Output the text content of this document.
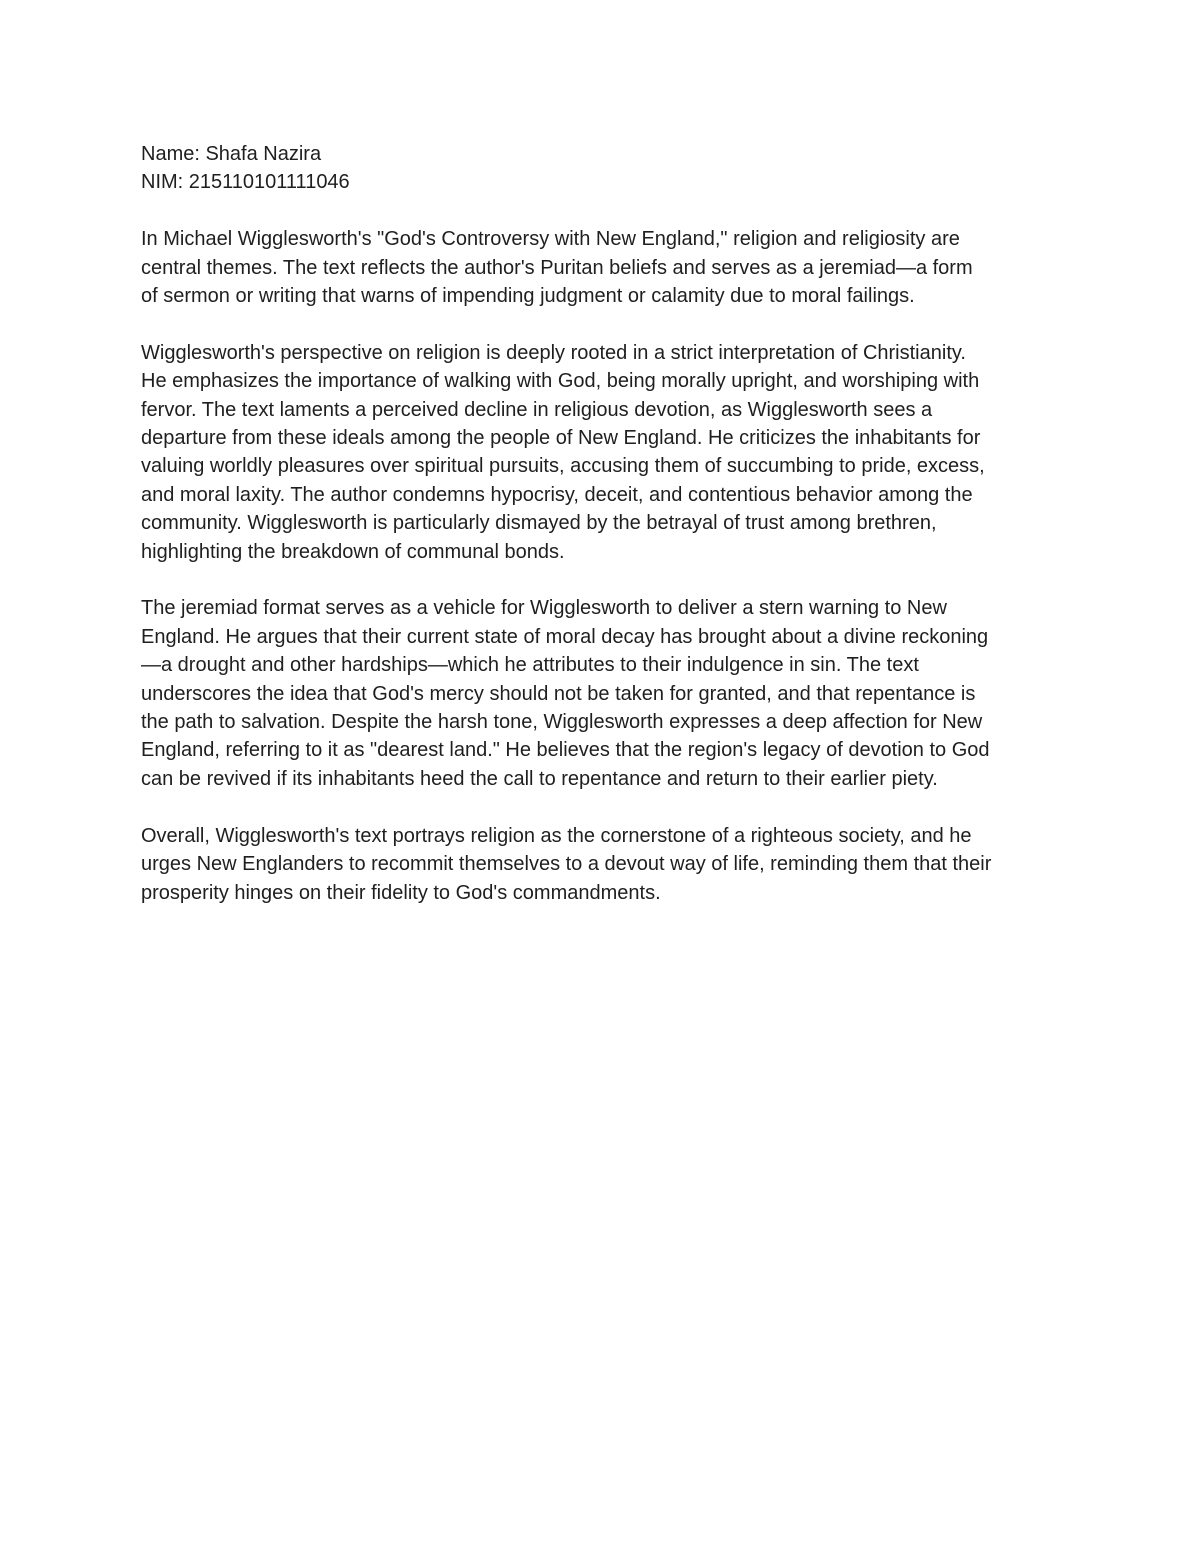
Name: Shafa Nazira
NIM: 215110101111046
In Michael Wigglesworth's "God's Controversy with New England," religion and religiosity are
central themes. The text reflects the author's Puritan beliefs and serves as a jeremiad—a form
of sermon or writing that warns of impending judgment or calamity due to moral failings.
Wigglesworth's perspective on religion is deeply rooted in a strict interpretation of Christianity.
He emphasizes the importance of walking with God, being morally upright, and worshiping with
fervor. The text laments a perceived decline in religious devotion, as Wigglesworth sees a
departure from these ideals among the people of New England. He criticizes the inhabitants for
valuing worldly pleasures over spiritual pursuits, accusing them of succumbing to pride, excess,
and moral laxity. The author condemns hypocrisy, deceit, and contentious behavior among the
community. Wigglesworth is particularly dismayed by the betrayal of trust among brethren,
highlighting the breakdown of communal bonds.
The jeremiad format serves as a vehicle for Wigglesworth to deliver a stern warning to New
England. He argues that their current state of moral decay has brought about a divine reckoning
—a drought and other hardships—which he attributes to their indulgence in sin. The text
underscores the idea that God's mercy should not be taken for granted, and that repentance is
the path to salvation. Despite the harsh tone, Wigglesworth expresses a deep affection for New
England, referring to it as "dearest land." He believes that the region's legacy of devotion to God
can be revived if its inhabitants heed the call to repentance and return to their earlier piety.
Overall, Wigglesworth's text portrays religion as the cornerstone of a righteous society, and he
urges New Englanders to recommit themselves to a devout way of life, reminding them that their
prosperity hinges on their fidelity to God's commandments.
